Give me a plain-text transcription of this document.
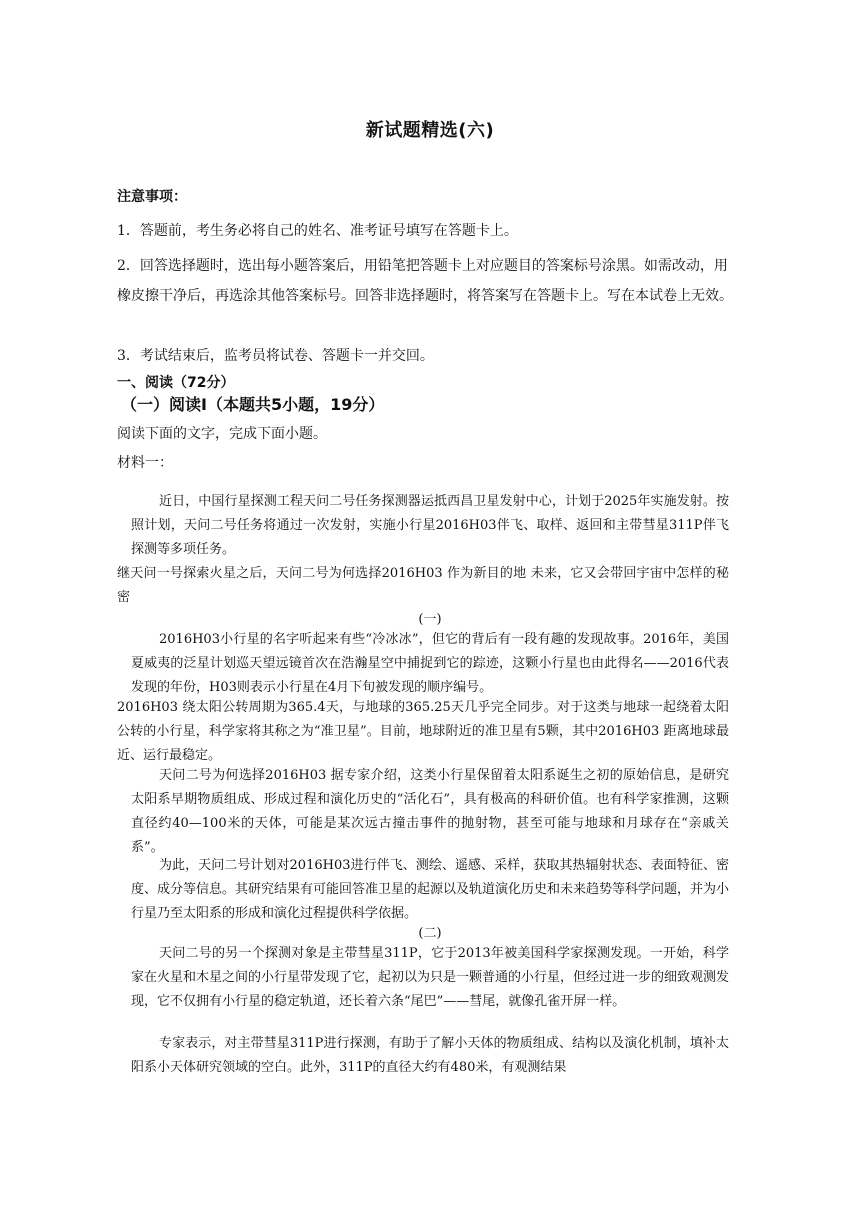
新试题精选(六)
注意事项：
1．答题前，考生务必将自己的姓名、准考证号填写在答题卡上。
2．回答选择题时，选出每小题答案后，用铅笔把答题卡上对应题目的答案标号涂黑。如需改动，用橡皮擦干净后，再选涂其他答案标号。回答非选择题时，将答案写在答题卡上。写在本试卷上无效。
3．考试结束后，监考员将试卷、答题卡一并交回。
一、阅读（72分）
（一）阅读Ⅰ（本题共5小题，19分）
阅读下面的文字，完成下面小题。
材料一：
近日，中国行星探测工程天问二号任务探测器运抵西昌卫星发射中心，计划于2025年实施发射。按照计划，天问二号任务将通过一次发射，实施小行星2016H03伴飞、取样、返回和主带彗星311P伴飞探测等多项任务。
继天问一号探索火星之后，天问二号为何选择2016H03 作为新目的地 未来，它又会带回宇宙中怎样的秘密
(一)
2016H03小行星的名字听起来有些“冷冰冰”，但它的背后有一段有趣的发现故事。2016年，美国夏威夷的泛星计划巡天望远镜首次在浩瀚星空中捕捉到它的踪迹，这颗小行星也由此得名——2016代表发现的年份，H03则表示小行星在4月下旬被发现的顺序编号。
2016H03 绕太阳公转周期为365.4天，与地球的365.25天几乎完全同步。对于这类与地球一起绕着太阳公转的小行星，科学家将其称之为“准卫星”。目前，地球附近的准卫星有5颗，其中2016H03 距离地球最近、运行最稳定。
天问二号为何选择2016H03 据专家介绍，这类小行星保留着太阳系诞生之初的原始信息，是研究太阳系早期物质组成、形成过程和演化历史的“活化石”，具有极高的科研价值。也有科学家推测，这颗直径约40—100米的天体，可能是某次远古撞击事件的抛射物，甚至可能与地球和月球存在“亲戚关系”。
为此，天问二号计划对2016H03进行伴飞、测绘、遥感、采样，获取其热辐射状态、表面特征、密度、成分等信息。其研究结果有可能回答准卫星的起源以及轨道演化历史和未来趋势等科学问题，并为小行星乃至太阳系的形成和演化过程提供科学依据。
(二)
天问二号的另一个探测对象是主带彗星311P，它于2013年被美国科学家探测发现。一开始，科学家在火星和木星之间的小行星带发现了它，起初以为只是一颗普通的小行星，但经过进一步的细致观测发现，它不仅拥有小行星的稳定轨道，还长着六条“尾巴”——彗尾，就像孔雀开屏一样。
专家表示，对主带彗星311P进行探测，有助于了解小天体的物质组成、结构以及演化机制，填补太阳系小天体研究领域的空白。此外，311P的直径大约有480米，有观测结果
